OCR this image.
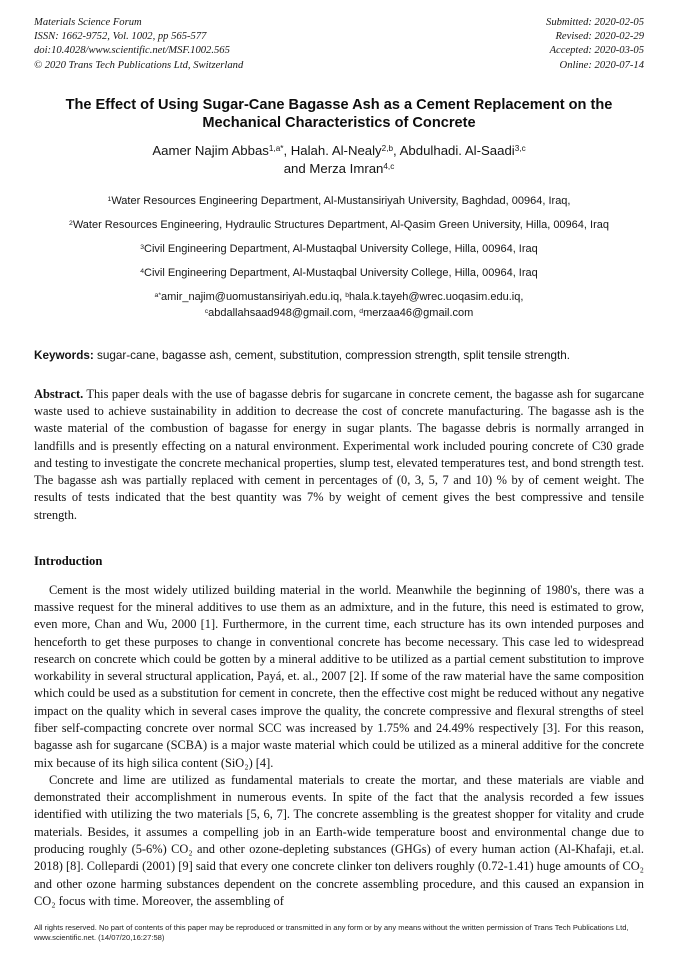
Materials Science Forum
ISSN: 1662-9752, Vol. 1002, pp 565-577
doi:10.4028/www.scientific.net/MSF.1002.565
© 2020 Trans Tech Publications Ltd, Switzerland
Submitted: 2020-02-05
Revised: 2020-02-29
Accepted: 2020-03-05
Online: 2020-07-14
The Effect of Using Sugar-Cane Bagasse Ash as a Cement Replacement on the Mechanical Characteristics of Concrete
Aamer Najim Abbas$^{1,a*}$, Halah. Al-Nealy$^{2,b}$, Abdulhadi. Al-Saadi$^{3,c}$
and Merza Imran$^{4,c}$

$^1$Water Resources Engineering Department, Al-Mustansiriyah University, Baghdad, 00964, Iraq,

$^2$Water Resources Engineering, Hydraulic Structures Department, Al-Qasim Green University, Hilla, 00964, Iraq

$^3$Civil Engineering Department, Al-Mustaqbal University College, Hilla, 00964, Iraq

$^4$Civil Engineering Department, Al-Mustaqbal University College, Hilla, 00964, Iraq

$^{a*}$amir_najim@uomustansiriyah.edu.iq, $^b$hala.k.tayeh@wrec.uoqasim.edu.iq,
$^c$abdallahsaad948@gmail.com, $^d$merzaa46@gmail.com

Keywords: sugar-cane, bagasse ash, cement, substitution, compression strength, split tensile strength.

Abstract. This paper deals with the use of bagasse debris for sugarcane in concrete cement, the bagasse ash for sugarcane waste used to achieve sustainability in addition to decrease the cost of concrete manufacturing. The bagasse ash is the waste material of the combustion of bagasse for energy in sugar plants. The bagasse debris is normally arranged in landfills and is presently effecting on a natural environment. Experimental work included pouring concrete of C30 grade and testing to investigate the concrete mechanical properties, slump test, elevated temperatures test, and bond strength test. The bagasse ash was partially replaced with cement in percentages of (0, 3, 5, 7 and 10) % by of cement weight. The results of tests indicated that the best quantity was 7% by weight of cement gives the best compressive and tensile strength.

Introduction

Cement is the most widely utilized building material in the world. Meanwhile the beginning of 1980's, there was a massive request for the mineral additives to use them as an admixture, and in the future, this need is estimated to grow, even more, Chan and Wu, 2000 [1]. Furthermore, in the current time, each structure has its own intended purposes and henceforth to get these purposes to change in conventional concrete has become necessary. This case led to widespread research on concrete which could be gotten by a mineral additive to be utilized as a partial cement substitution to improve workability in several structural application, Payá, et. al., 2007 [2]. If some of the raw material have the same composition which could be used as a substitution for cement in concrete, then the effective cost might be reduced without any negative impact on the quality which in several cases improve the quality, the concrete compressive and flexural strengths of steel fiber self-compacting concrete over normal SCC was increased by 1.75% and 24.49% respectively [3]. For this reason, bagasse ash for sugarcane (SCBA) is a major waste material which could be utilized as a mineral additive for the concrete mix because of its high silica content (SiO₂) [4].

Concrete and lime are utilized as fundamental materials to create the mortar, and these materials are viable and demonstrated their accomplishment in numerous events. In spite of the fact that the analysis recorded a few issues identified with utilizing the two materials [5, 6, 7]. The concrete assembling is the greatest shopper for vitality and crude materials. Besides, it assumes a compelling job in an Earth-wide temperature boost and environmental change due to producing roughly (5-6%) CO₂ and other ozone-depleting substances (GHGs) of every human action (Al-Khafaji, et.al. 2018) [8]. Collepardi (2001) [9] said that every one concrete clinker ton delivers roughly (0.72-1.41) huge amounts of CO₂ and other ozone harming substances dependent on the concrete assembling procedure, and this caused an expansion in CO₂ focus with time. Moreover, the assembling of

All rights reserved. No part of contents of this paper may be reproduced or transmitted in any form or by any means without the written permission of Trans Tech Publications Ltd, www.scientific.net. (14/07/20,16:27:58)
